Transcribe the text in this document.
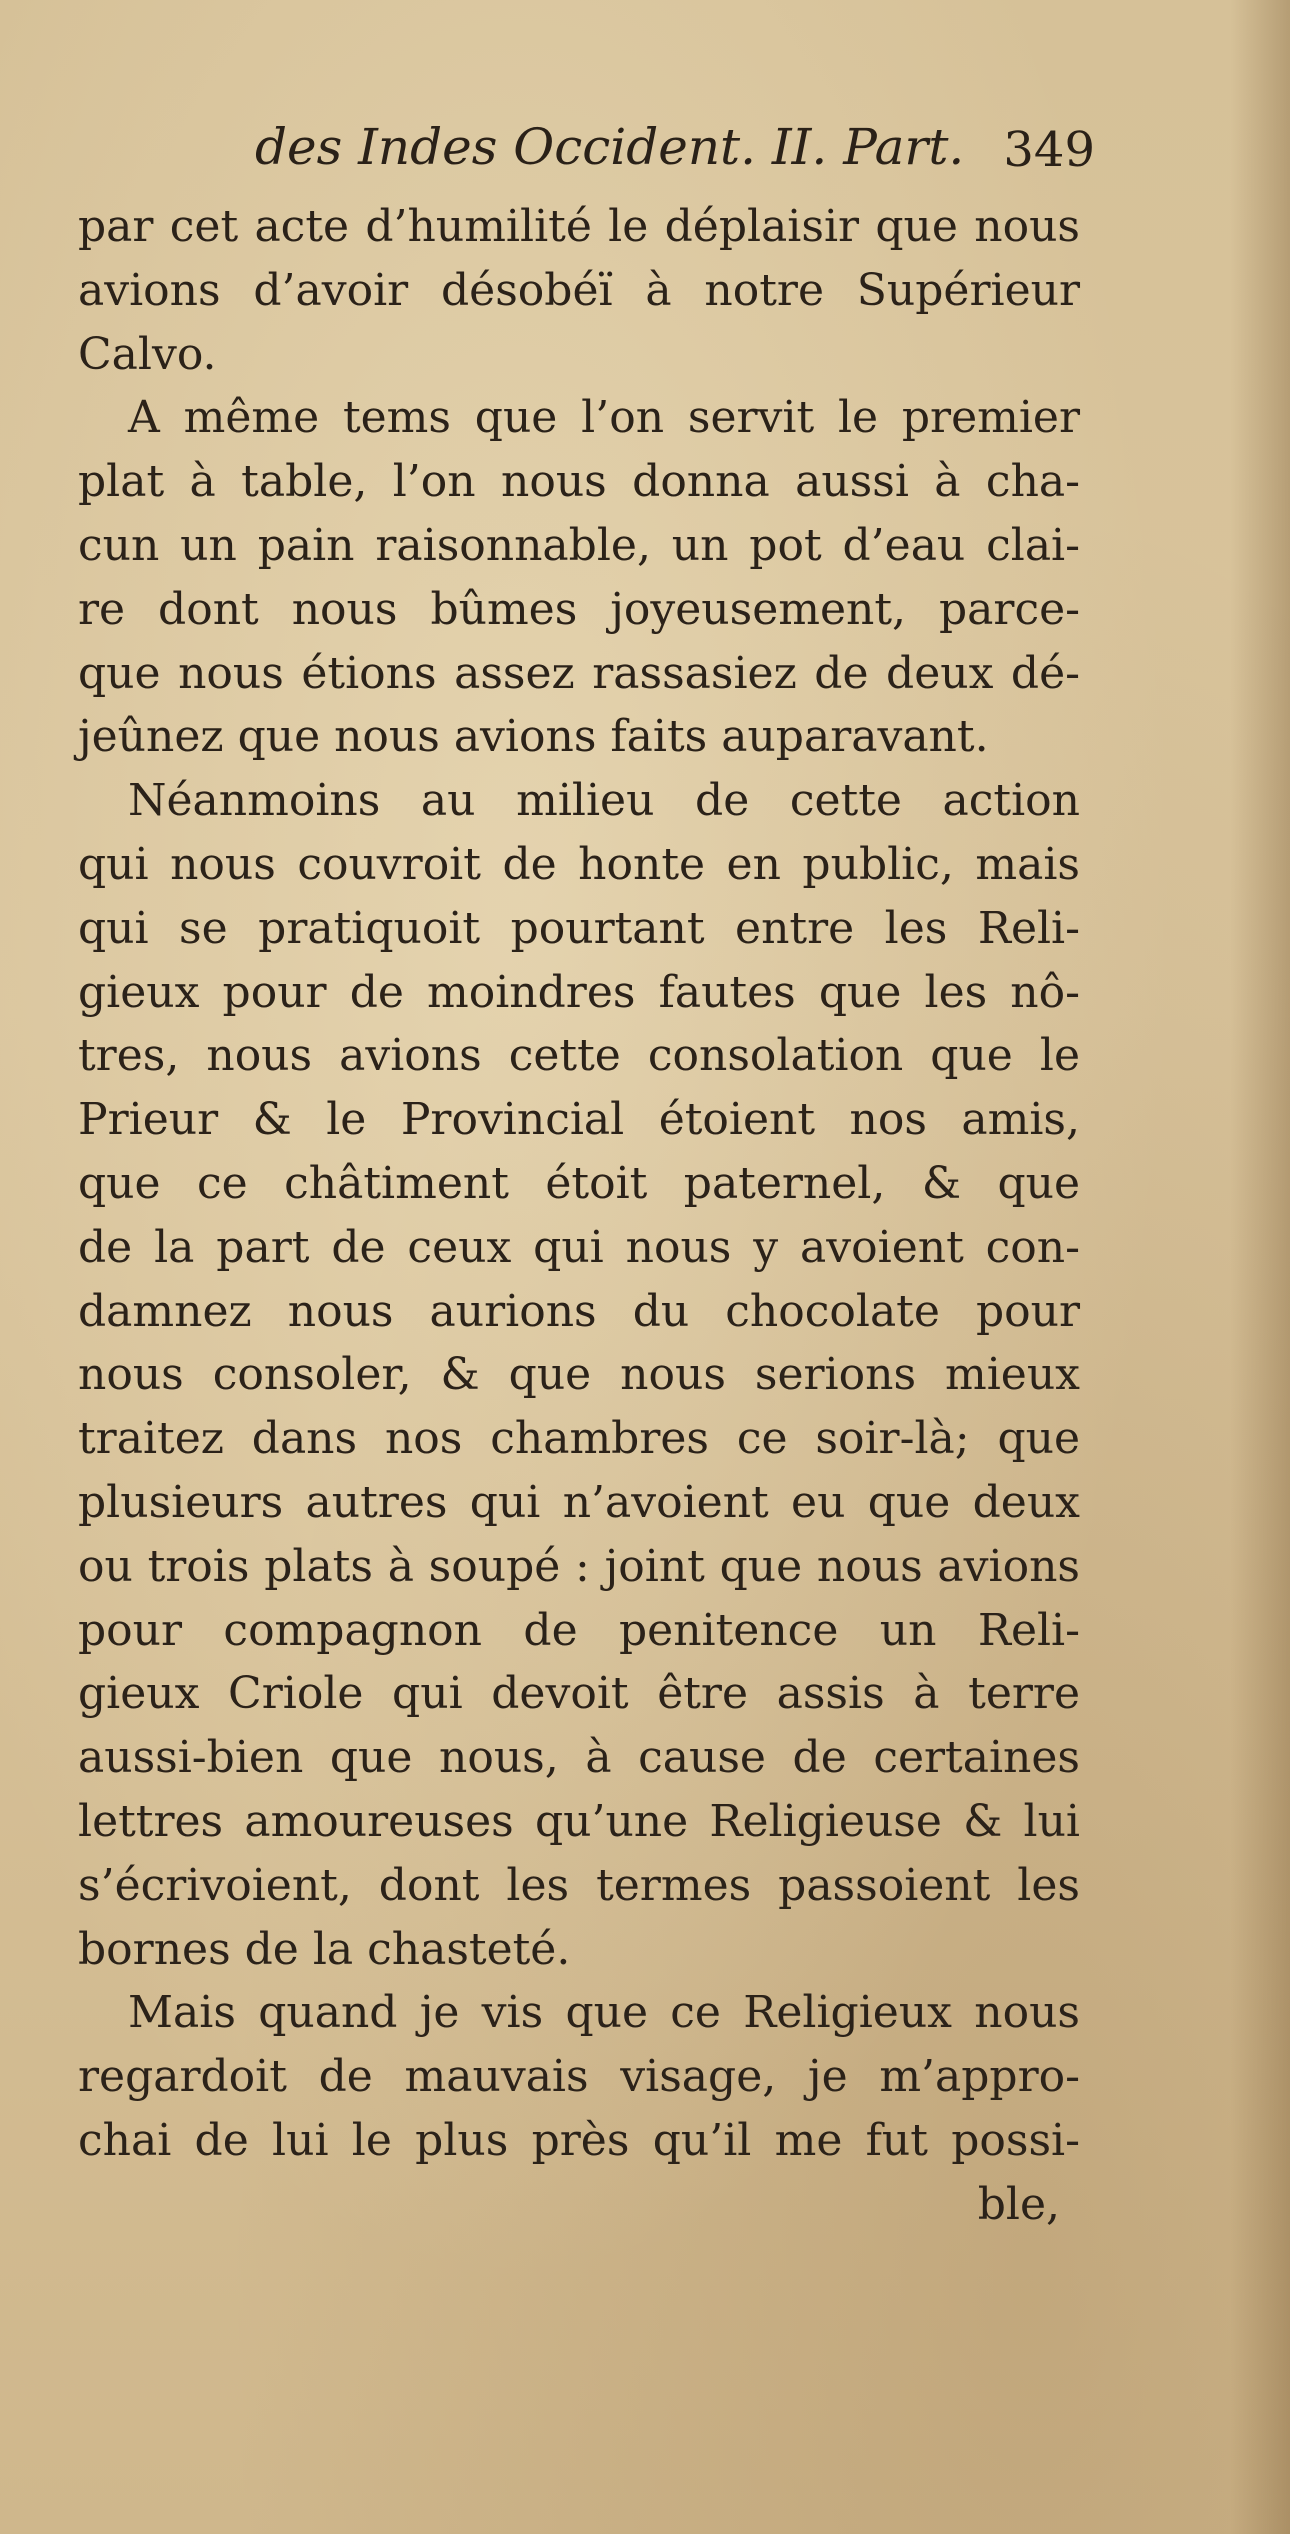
des Indes Occident. II. Part. 349
par cet acte d’humilité le déplaisir que nous
avions d’avoir désobéï à notre Supérieur
Calvo.
A même tems que l’on servit le premier
plat à table, l’on nous donna aussi à cha-
cun un pain raisonnable, un pot d’eau clai-
re dont nous bûmes joyeusement, parce-
que nous étions assez rassasiez de deux dé-
jeûnez que nous avions faits auparavant.
Néanmoins au milieu de cette action
qui nous couvroit de honte en public, mais
qui se pratiquoit pourtant entre les Reli-
gieux pour de moindres fautes que les nô-
tres, nous avions cette consolation que le
Prieur & le Provincial étoient nos amis,
que ce châtiment étoit paternel, & que
de la part de ceux qui nous y avoient con-
damnez nous aurions du chocolate pour
nous consoler, & que nous serions mieux
traitez dans nos chambres ce soir-là; que
plusieurs autres qui n’avoient eu que deux
ou trois plats à soupé : joint que nous avions
pour compagnon de penitence un Reli-
gieux Criole qui devoit être assis à terre
aussi-bien que nous, à cause de certaines
lettres amoureuses qu’une Religieuse & lui
s’écrivoient, dont les termes passoient les
bornes de la chasteté.
Mais quand je vis que ce Religieux nous
regardoit de mauvais visage, je m’appro-
chai de lui le plus près qu’il me fut possi-
ble,
